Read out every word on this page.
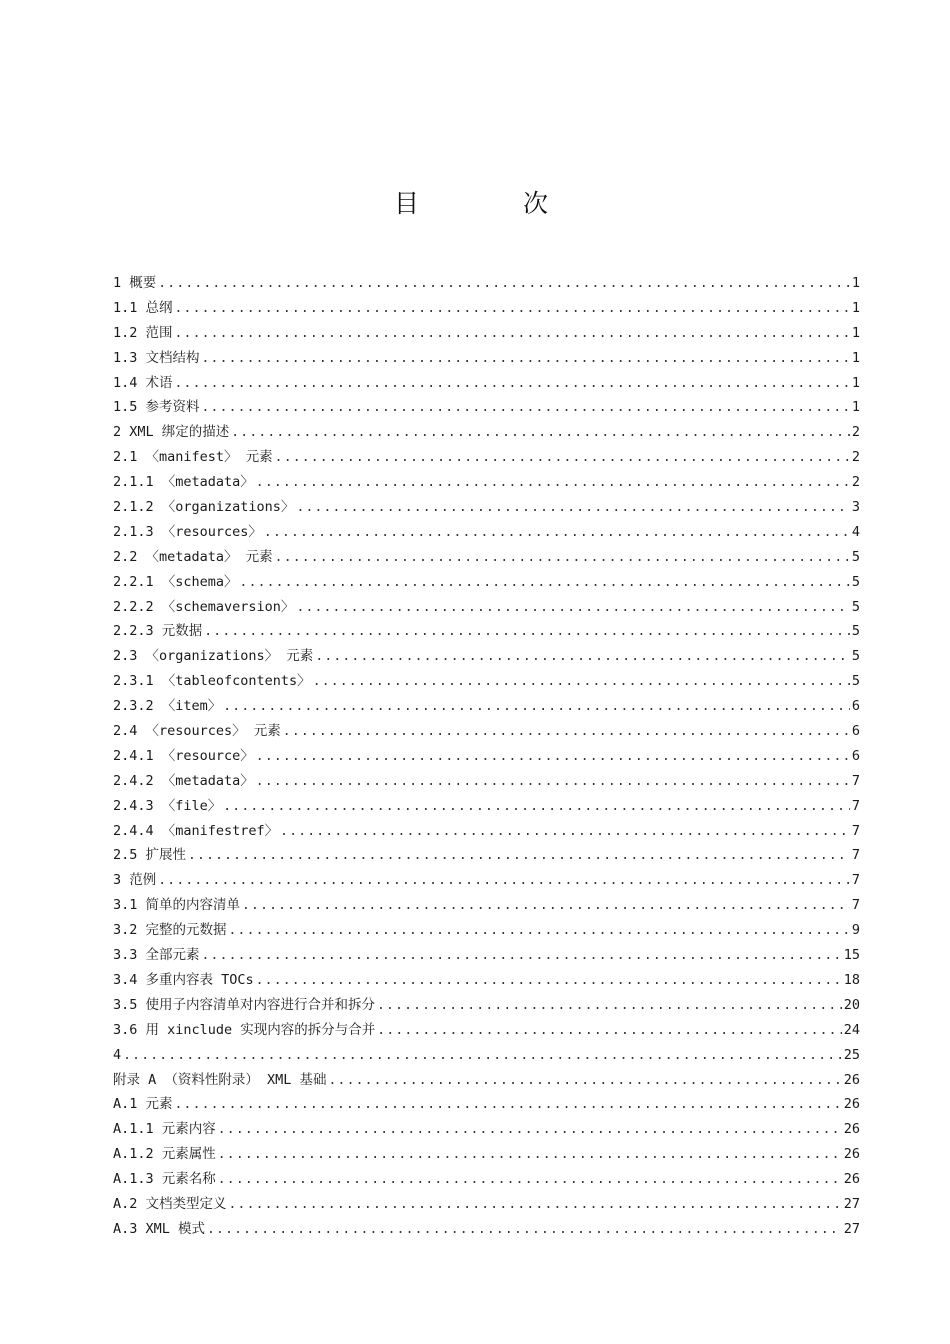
目 次
1 概要 .....	1
1.1 总纲 .....	1
1.2 范围 .....	1
1.3 文档结构 .....	1
1.4 术语 .....	1
1.5 参考资料 .....	1
2 XML 绑定的描述 .....	2
2.1 〈manifest〉 元素 .....	2
2.1.1 〈metadata〉 .....	2
2.1.2 〈organizations〉 .....	3
2.1.3 〈resources〉 .....	4
2.2 〈metadata〉 元素 .....	5
2.2.1 〈schema〉 .....	5
2.2.2 〈schemaversion〉 .....	5
2.2.3 元数据 .....	5
2.3 〈organizations〉 元素 .....	5
2.3.1 〈tableofcontents〉 .....	5
2.3.2 〈item〉 .....	6
2.4 〈resources〉 元素 .....	6
2.4.1 〈resource〉 .....	6
2.4.2 〈metadata〉 .....	7
2.4.3 〈file〉 .....	7
2.4.4 〈manifestref〉 .....	7
2.5 扩展性 .....	7
3 范例 .....	7
3.1 简单的内容清单 .....	7
3.2 完整的元数据 .....	9
3.3 全部元素 .....	15
3.4 多重内容表 TOCs .....	18
3.5 使用子内容清单对内容进行合并和拆分 .....	20
3.6 用 xinclude 实现内容的拆分与合并 .....	24
4 .....	25
附录 A （资料性附录） XML 基础 .....	26
A.1 元素 .....	26
A.1.1 元素内容 .....	26
A.1.2 元素属性 .....	26
A.1.3 元素名称 .....	26
A.2 文档类型定义 .....	27
A.3 XML 模式 .....	27
